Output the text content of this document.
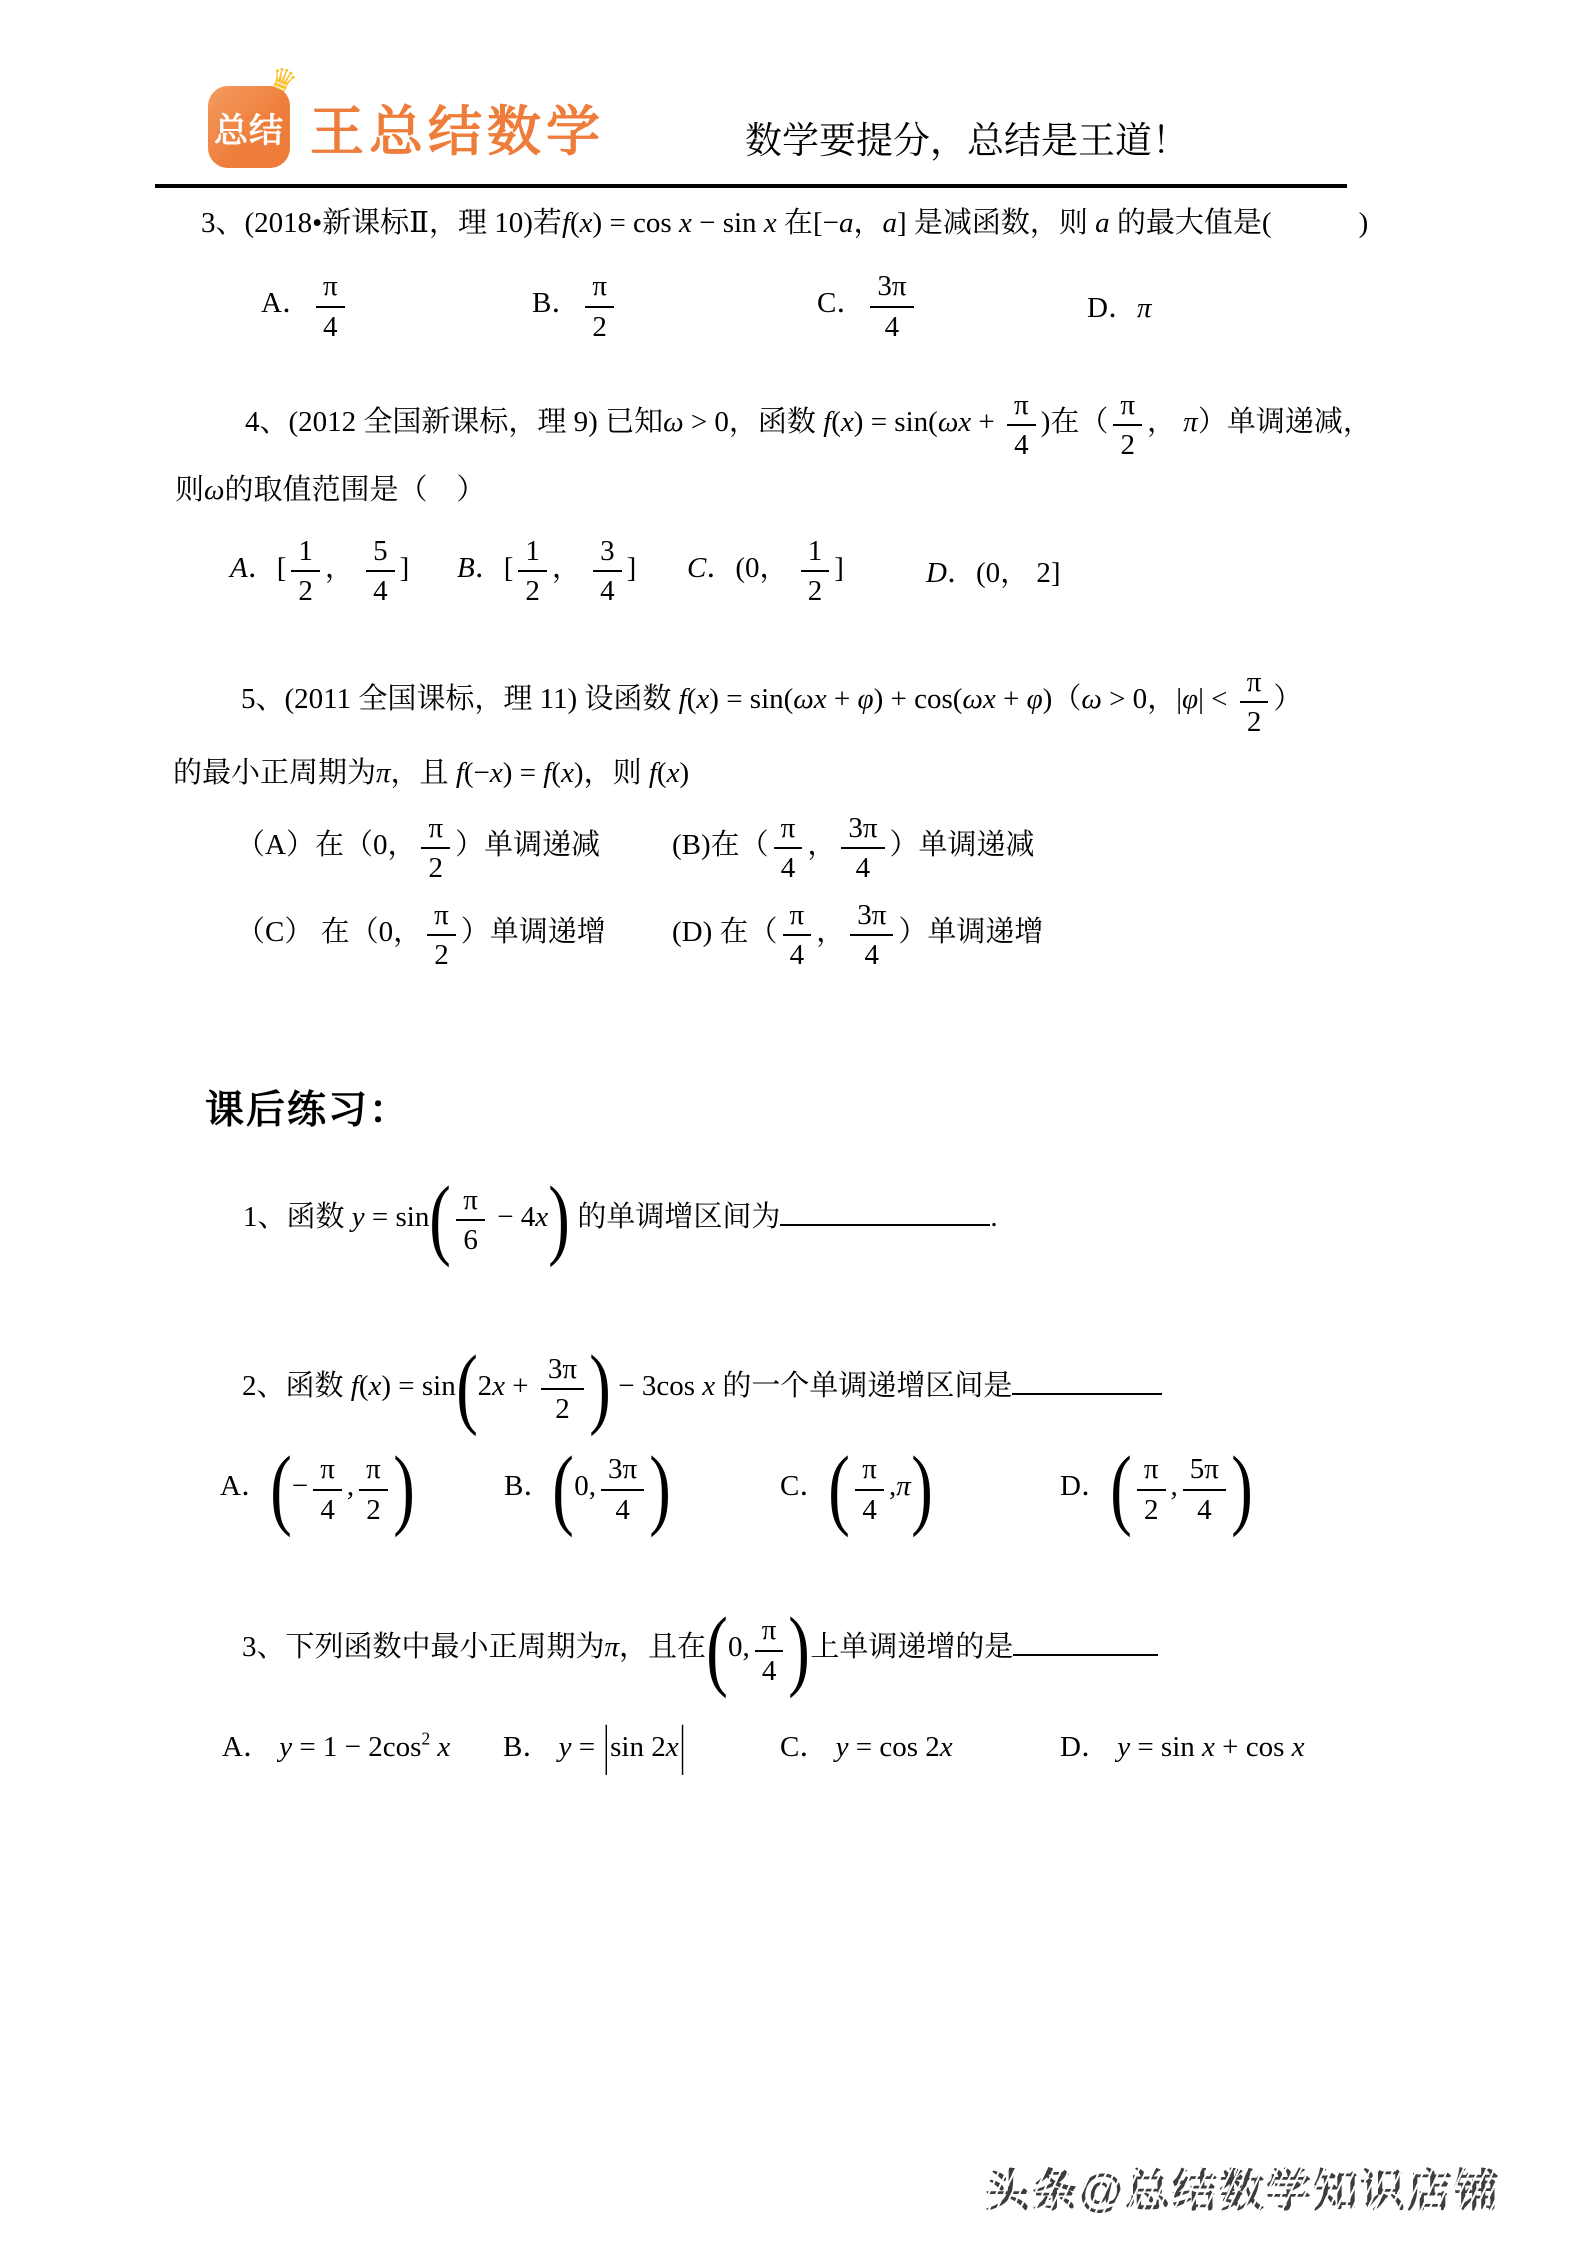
♛
总结 王总结数学	数学要提分，总结是王道！
3、(2018•新课标Ⅱ，理 10)若f(x) = cos x − sin x 在[−a，a] 是减函数，则 a 的最大值是(　　　)
A． $\frac{\pi}{4}$	B． $\frac{\pi}{2}$	C． $\frac{3\pi}{4}$	D．π
4、(2012 全国新课标，理 9) 已知ω > 0，函数 $f(x) = \sin(\omega x + \frac{\pi}{4}$ )在（ $\frac{\pi}{2}$ ， π）单调递减，
则ω的取值范围是（　）
A．[ $\frac{1}{2}$ ， $\frac{5}{4}$ ]	B．[ $\frac{1}{2}$ ， $\frac{3}{4}$ ]	C．(0， $\frac{1}{2}$ ]	D．(0， 2]
5、(2011 全国课标，理 11) 设函数 f(x) = sin(ωx + φ) + cos(ωx + φ)（ω > 0，$|\varphi| < \frac{\pi}{2}$ ）
的最小正周期为π，且 f(−x) = f(x)，则 f(x)
（A）在（0， $\frac{\pi}{2}$ ）单调递减	(B)在（ $\frac{\pi}{4}$ ， $\frac{3\pi}{4}$ ）单调递减
（C） 在（0， $\frac{\pi}{2}$ ）单调递增	(D) 在（ $\frac{\pi}{4}$ ， $\frac{3\pi}{4}$ ）单调递增
课后练习：
1、函数 $y = \sin( \frac{\pi}{6} - 4x)$ 的单调增区间为	.
2、函数 $f(x) = \sin(2x + \frac{3\pi}{2}$ ) − 3cos x 的一个单调递增区间是
A．(− $\frac{\pi}{4}$ , $\frac{\pi}{2}$ )	B．(0, $\frac{3\pi}{4}$ )	C．( $\frac{\pi}{4} ,\pi$)	D．( $\frac{\pi}{2}$ , $\frac{5\pi}{4}$ )
3、下列函数中最小正周期为π，且在(0, $\frac{\pi}{4}$ )上单调递增的是
A． $y = 1 - 2\cos^2$ x	B． y = |sin 2x|	C． y = cos 2x	D． y = sin x + cos x
头条@总结数学知识店铺
